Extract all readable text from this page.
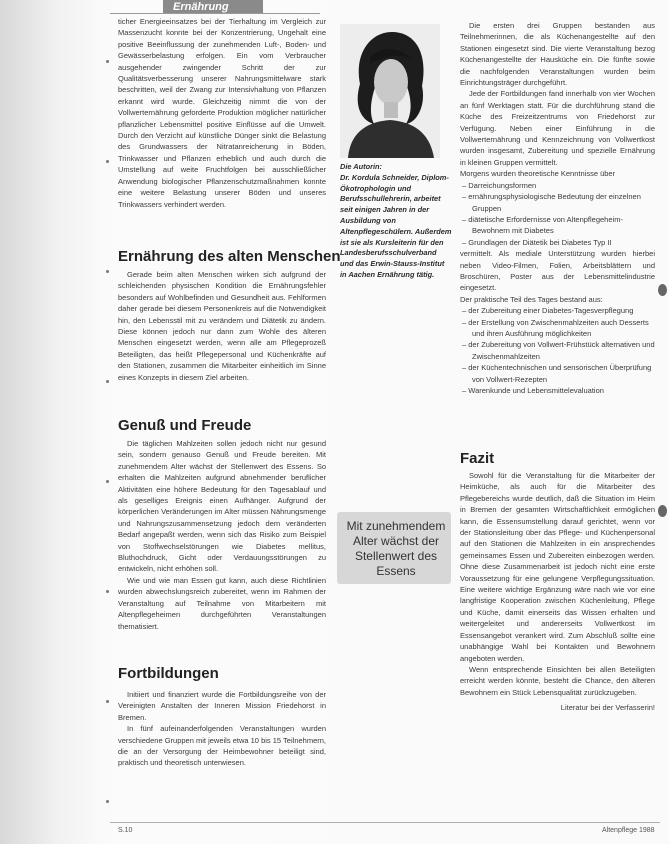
Ernährung

ticher Energieeinsatzes bei der Tierhaltung im Vergleich zur Massenzucht konnte bei der Konzentrierung, Ungehalt eine positive Beeinflussung der zunehmenden Luft-, Boden- und Gewässerbelastung erfolgen. Ein vom Verbraucher ausgehender zwingender Schritt der zur Qualitätsverbesserung unserer Nahrungsmittelware stark beschritten, weil der Zwang zur Intensivhaltung von Pflanzen erkannt wird wurde. Gleichzeitig nimmt die von der Vollwerternährung geforderte Produktion möglicher natürlicher pflanzlicher Lebensmittel positive Einflüsse auf die Umwelt. Durch den Verzicht auf künstliche Dünger sinkt die Belastung des Grundwassers der Nitratanreicherung in Böden, Trinkwasser und Pflanzen erheblich und auch durch die Umstellung auf weite Fruchtfolgen bei ausschließlicher Anwendung biologischer Pflanzenschutzmaßnahmen konnte eine weitere Belastung unserer Böden und unseres Trinkwassers verhindert werden.

Ernährung des alten Menschen

Gerade beim alten Menschen wirken sich aufgrund der schleichenden physischen Kondition die Ernährungsfehler besonders auf Wohlbefinden und Gesundheit aus. Fehlformen daher gerade bei diesem Personenkreis auf die Notwendigkeit hin, den Lebensstil mit zu verändern und Diätetik zu ändern. Diese können jedoch nur dann zum Wohle des älteren Menschen eingesetzt werden, wenn alle am Pflegeprozeß Beteiligten, das heißt Pflegepersonal und Küchenkräfte auf den Stationen, zusammen die Mitarbeiter einheitlich im Sinne eines Konzepts in diesem Ziel arbeiten.

Genuß und Freude

Die täglichen Mahlzeiten sollen jedoch nicht nur gesund sein, sondern genauso Genuß und Freude bereiten. Mit zunehmendem Alter wächst der Stellenwert des Essens. So erhalten die Mahlzeiten aufgrund abnehmender beruflicher Aktivitäten eine höhere Bedeutung für den Tagesablauf und als geselliges Ereignis einen Aufhänger. Aufgrund der körperlichen Veränderungen im Alter müssen Nährungsmenge und Nahrungszusammensetzung jedoch dem veränderten Bedarf angepaßt werden, wenn sich das Risiko zum Beispiel von Stoffwechselstörungen wie Diabetes mellitus, Bluthochdruck, Gicht oder Verdauungsstörungen zu entwickeln, nicht erhöhen soll.

Wie und wie man Essen gut kann, auch diese Richtlinien wurden abwechslungsreich zubereitet, wenn im Rahmen der Veranstaltung auf Teilnahme von Mitarbeitern mit Altenpflegeheimen durchgeführten Veranstaltungen thematisiert.

Fortbildungen

Initiiert und finanziert wurde die Fortbildungsreihe von der Vereinigten Anstalten der Inneren Mission Friedehorst in Bremen.

In fünf aufeinanderfolgenden Veranstaltungen wurden verschiedene Gruppen mit jeweils etwa 10 bis 15 Teilnehmern, die an der Versorgung der Heimbewohner beteiligt sind, praktisch und theoretisch unterwiesen.

Die Autorin:
Dr. Kordula Schneider, Diplom-Ökotrophologin und Berufsschullehrerin, arbeitet seit einigen Jahren in der Ausbildung von Altenpflegeschülern. Außerdem ist sie als Kursleiterin für den Landesberufsschulverband und das Erwin-Stauss-Institut in Aachen Ernährung tätig.
Mit zunehmendem Alter wächst der Stellenwert des Essens

Die ersten drei Gruppen bestanden aus Teilnehmerinnen, die als Küchenangestellte auf den Stationen eingesetzt sind. Die vierte Veranstaltung bezog Küchenangestellte der Hausküche ein. Die fünfte sowie die nachfolgenden Veranstaltungen wurden beim Einrichtungsträger durchgeführt.

Jede der Fortbildungen fand innerhalb von vier Wochen an fünf Werktagen statt. Für die durchführung stand die Küche des Freizeitzentrums von Friedehorst zur Verfügung. Neben einer Einführung in die Vollwerternährung und Kennzeichnung von Vollwertkost wurden insgesamt, Zubereitung und spezielle Ernährung in kleinen Gruppen vermittelt.

Morgens wurden theoretische Kenntnisse über

– Darreichungsformen
– ernährungsphysiologische Bedeutung der einzelnen Gruppen
– diätetische Erfordernisse von Altenpflegeheim-Bewohnern mit Diabetes
– Grundlagen der Diätetik bei Diabetes Typ II

vermittelt. Als mediale Unterstützung wurden hierbei neben Video-Filmen, Folien, Arbeitsblättern und Broschüren, Poster aus der Lebensmittelindustrie eingesetzt.

Der praktische Teil des Tages bestand aus:

– der Zubereitung einer Diabetes-Tagesverpflegung
– der Erstellung von Zwischenmahlzeiten auch Desserts und ihren Ausführung möglichkeiten
– der Zubereitung von Vollwert-Frühstück alternativen und Zwischenmahlzeiten
– der Küchentechnischen und sensorischen Überprüfung von Vollwert-Rezepten
– Warenkunde und Lebensmittelevaluation
Fazit

Sowohl für die Veranstaltung für die Mitarbeiter der Heimküche, als auch für die Mitarbeiter des Pflegebereichs wurde deutlich, daß die Situation im Heim in Bremen der gesamten Wirtschaftlichkeit ermöglichen kann, die Essensumstellung darauf gerichtet, wenn vor der Stationsleitung über das Pflege- und Küchenpersonal auf den Stationen die Mahlzeiten in ein ansprechendes gemeinsames Essen und Zubereiten einbezogen werden. Ohne diese Zusammenarbeit ist jedoch nicht eine erste Voraussetzung für eine gelungene Verpflegungssituation. Eine weitere wichtige Ergänzung wäre nach wie vor eine langfristige Kooperation zwischen Küchenleitung, Pflege und Küche, damit einerseits das Wissen erhalten und weitergeleitet und andererseits Vollwertkost im Essensangebot verankert wird. Zum Abschluß sollte eine unabhängige Wahl bei Kontakten und Bewohnern angeboten werden.

Wenn entsprechende Einsichten bei allen Beteiligten erreicht werden könnte, besteht die Chance, den älteren Bewohnern ein Stück Lebensqualität zurückzugeben.

Literatur bei der Verfasserin!

S.10	Altenpflege 1988
